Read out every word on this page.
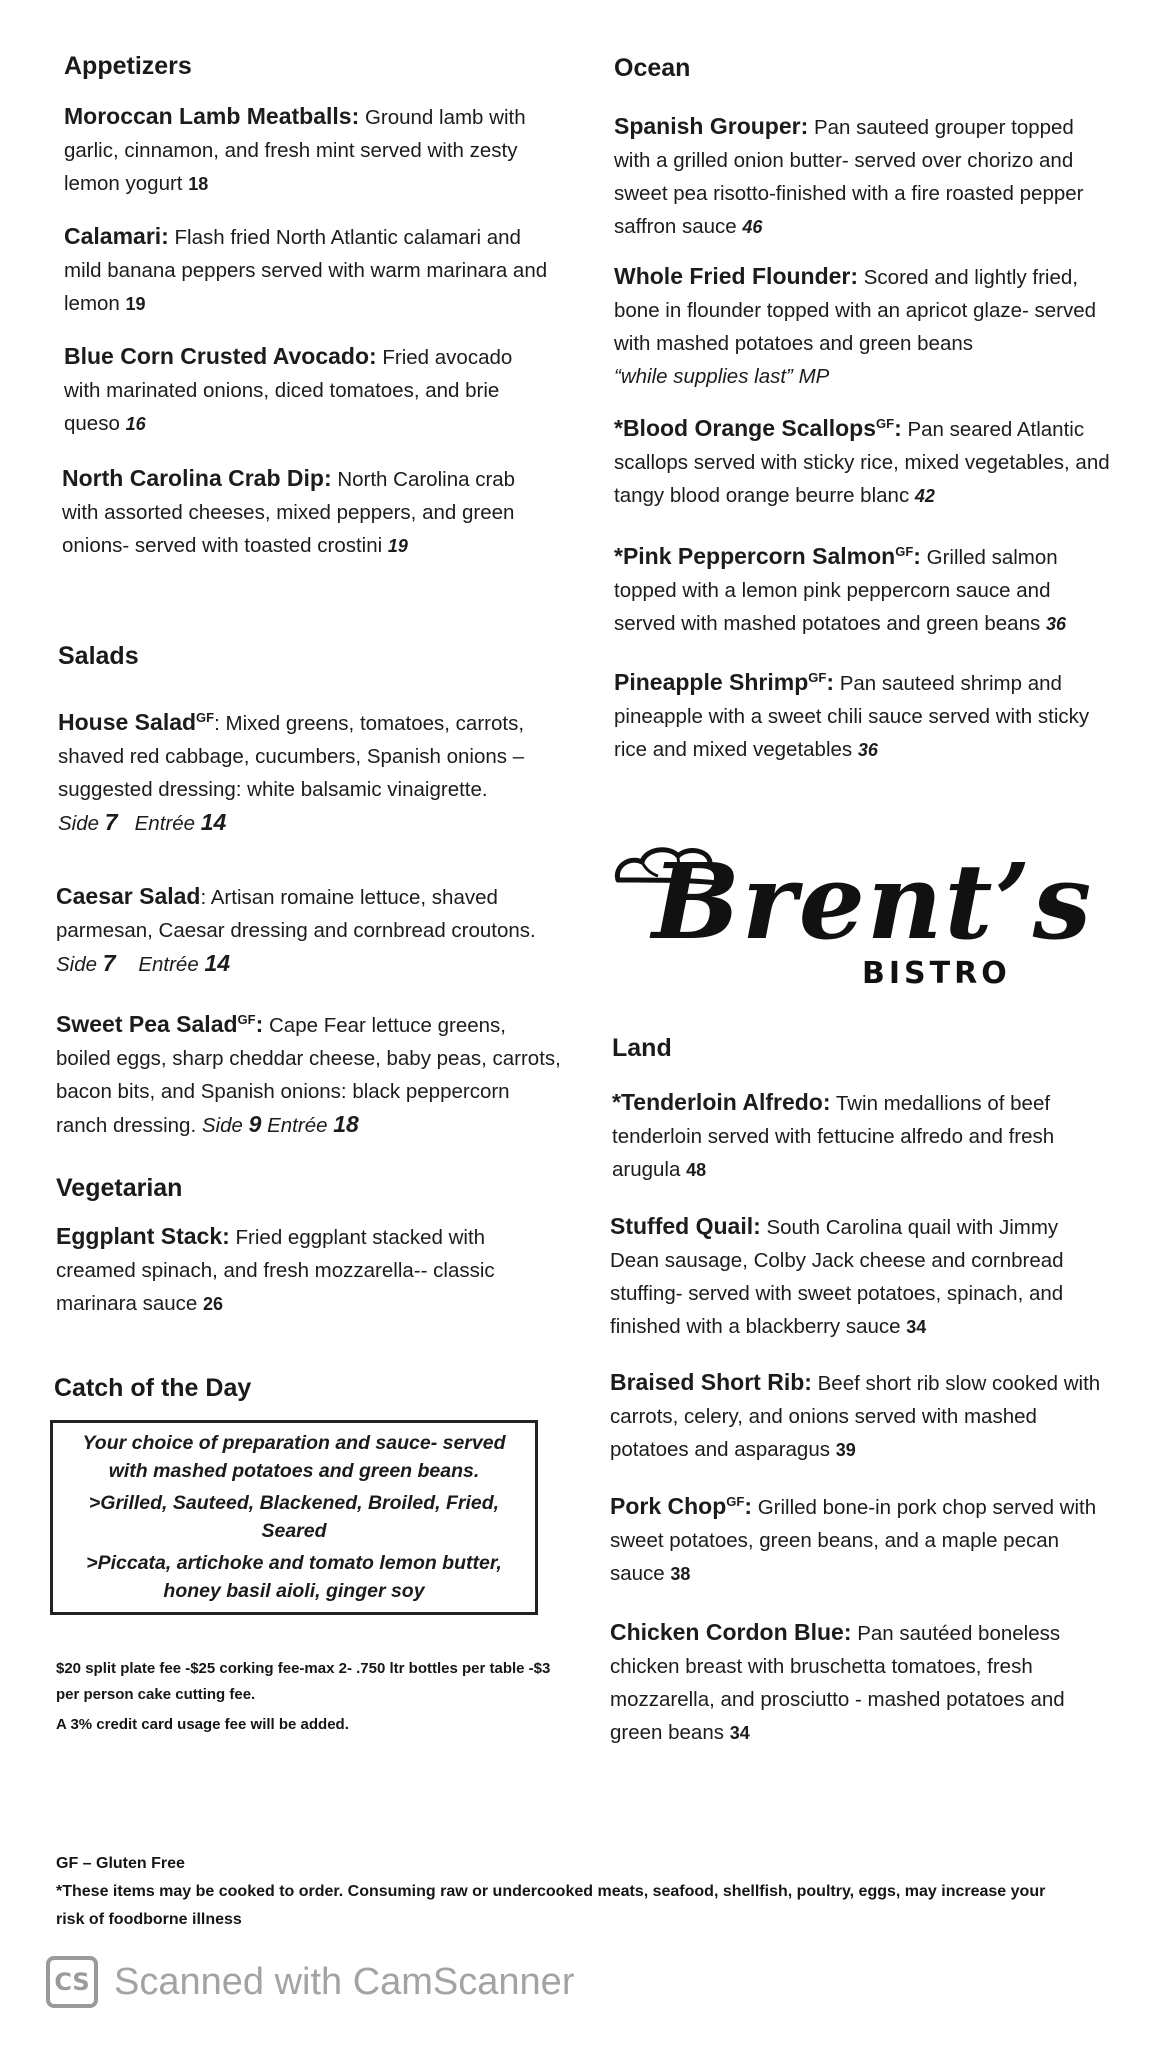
Appetizers
Moroccan Lamb Meatballs: Ground lamb with garlic, cinnamon, and fresh mint served with zesty lemon yogurt 18
Calamari: Flash fried North Atlantic calamari and mild banana peppers served with warm marinara and lemon 19
Blue Corn Crusted Avocado: Fried avocado with marinated onions, diced tomatoes, and brie queso 16
North Carolina Crab Dip: North Carolina crab with assorted cheeses, mixed peppers, and green onions- served with toasted crostini 19
Salads
House Salad$^{GF}$: Mixed greens, tomatoes, carrots, shaved red cabbage, cucumbers, Spanish onions – suggested dressing: white balsamic vinaigrette.
Side 7 Entrée 14
Caesar Salad: Artisan romaine lettuce, shaved parmesan, Caesar dressing and cornbread croutons. Side 7 Entrée 14
Sweet Pea Salad$^{GF}$: Cape Fear lettuce greens, boiled eggs, sharp cheddar cheese, baby peas, carrots, bacon bits, and Spanish onions: black peppercorn ranch dressing. Side 9 Entrée 18
Vegetarian
Eggplant Stack: Fried eggplant stacked with creamed spinach, and fresh mozzarella-- classic marinara sauce 26
Catch of the Day

Your choice of preparation and sauce- served with mashed potatoes and green beans.

>Grilled, Sauteed, Blackened, Broiled, Fried, Seared

>Piccata, artichoke and tomato lemon butter, honey basil aioli, ginger soy

$20 split plate fee -$25 corking fee-max 2- .750 ltr bottles per table -$3 per person cake cutting fee.
A 3% credit card usage fee will be added.
Ocean
Spanish Grouper: Pan sauteed grouper topped with a grilled onion butter- served over chorizo and sweet pea risotto-finished with a fire roasted pepper saffron sauce 46
Whole Fried Flounder: Scored and lightly fried, bone in flounder topped with an apricot glaze- served with mashed potatoes and green beans
“while supplies last” MP
*Blood Orange Scallops$^{GF}$: Pan seared Atlantic scallops served with sticky rice, mixed vegetables, and tangy blood orange beurre blanc 42
*Pink Peppercorn Salmon$^{GF}$: Grilled salmon topped with a lemon pink peppercorn sauce and served with mashed potatoes and green beans 36
Pineapple Shrimp$^{GF}$: Pan sauteed shrimp and pineapple with a sweet chili sauce served with sticky rice and mixed vegetables 36
Brent’s
BISTRO
Land
*Tenderloin Alfredo: Twin medallions of beef tenderloin served with fettucine alfredo and fresh arugula 48
Stuffed Quail: South Carolina quail with Jimmy Dean sausage, Colby Jack cheese and cornbread stuffing- served with sweet potatoes, spinach, and finished with a blackberry sauce 34
Braised Short Rib: Beef short rib slow cooked with carrots, celery, and onions served with mashed potatoes and asparagus 39
Pork Chop$^{GF}$: Grilled bone-in pork chop served with sweet potatoes, green beans, and a maple pecan sauce 38
Chicken Cordon Blue: Pan sautéed boneless chicken breast with bruschetta tomatoes, fresh mozzarella, and prosciutto - mashed potatoes and green beans 34
GF – Gluten Free
*These items may be cooked to order. Consuming raw or undercooked meats, seafood, shellfish, poultry, eggs, may increase your risk of foodborne illness
CS Scanned with CamScanner
